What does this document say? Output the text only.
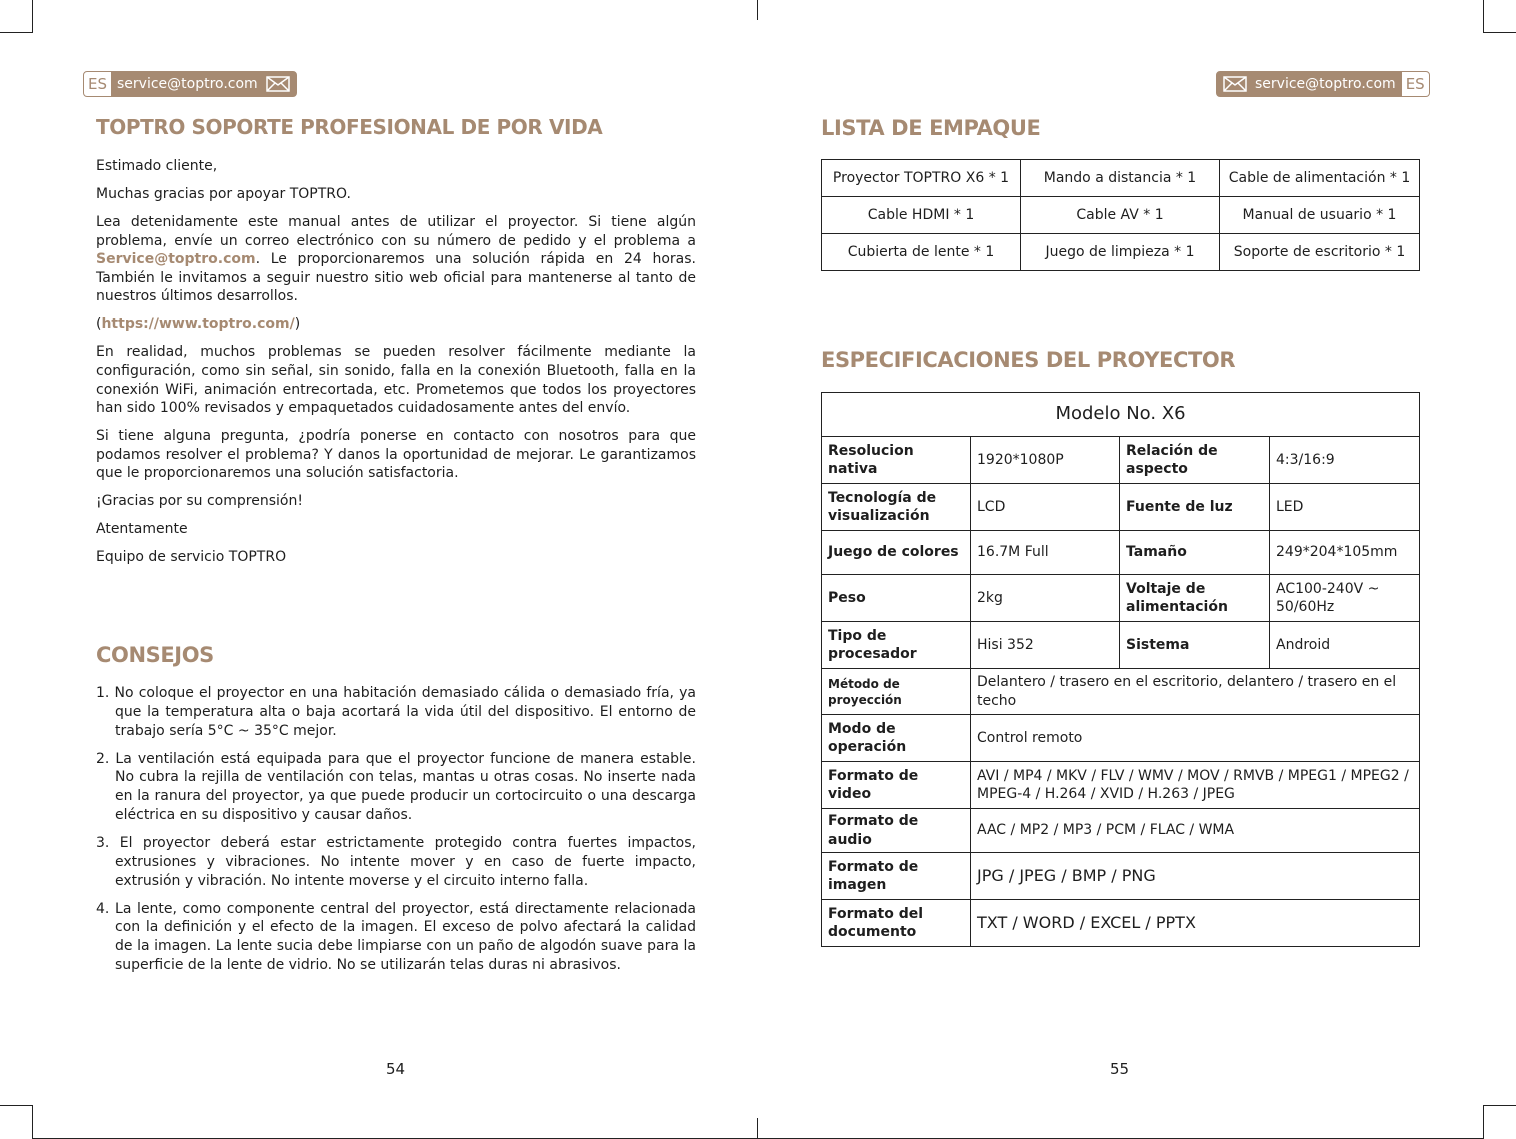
ES service@toptro.com
TOPTRO SOPORTE PROFESIONAL DE POR VIDA

Estimado cliente,

Muchas gracias por apoyar TOPTRO.

Lea detenidamente este manual antes de utilizar el proyector. Si tiene algún problema, envíe un correo electrónico con su número de pedido y el problema a Service@toptro.com. Le proporcionaremos una solución rápida en 24 horas. También le invitamos a seguir nuestro sitio web oficial para mantenerse al tanto de nuestros últimos desarrollos.

(https://www.toptro.com/)

En realidad, muchos problemas se pueden resolver fácilmente mediante la configuración, como sin señal, sin sonido, falla en la conexión Bluetooth, falla en la conexión WiFi, animación entrecortada, etc. Prometemos que todos los proyectores han sido 100% revisados y empaquetados cuidadosamente antes del envío.

Si tiene alguna pregunta, ¿podría ponerse en contacto con nosotros para que podamos resolver el problema? Y danos la oportunidad de mejorar. Le garantizamos que le proporcionaremos una solución satisfactoria.

¡Gracias por su comprensión!

Atentamente

Equipo de servicio TOPTRO

CONSEJOS

1. No coloque el proyector en una habitación demasiado cálida o demasiado fría, ya que la temperatura alta o baja acortará la vida útil del dispositivo. El entorno de trabajo sería 5°C ~ 35°C mejor.

2. La ventilación está equipada para que el proyector funcione de manera estable. No cubra la rejilla de ventilación con telas, mantas u otras cosas. No inserte nada en la ranura del proyector, ya que puede producir un cortocircuito o una descarga eléctrica en su dispositivo y causar daños.

3. El proyector deberá estar estrictamente protegido contra fuertes impactos, extrusiones y vibraciones. No intente mover y en caso de fuerte impacto, extrusión y vibración. No intente moverse y el circuito interno falla.

4. La lente, como componente central del proyector, está directamente relacionada con la definición y el efecto de la imagen. El exceso de polvo afectará la calidad de la imagen. La lente sucia debe limpiarse con un paño de algodón suave para la superficie de la lente de vidrio. No se utilizarán telas duras ni abrasivos.

54
service@toptro.com ES
LISTA DE EMPAQUE
Proyector TOPTRO X6 * 1	Mando a distancia * 1	Cable de alimentación * 1
Cable HDMI * 1	Cable AV * 1	Manual de usuario * 1
Cubierta de lente * 1	Juego de limpieza * 1	Soporte de escritorio * 1
ESPECIFICACIONES DEL PROYECTOR
Modelo No. X6			
Resolucion nativa	1920*1080P	Relación de aspecto	4:3/16:9
Tecnología de visualización	LCD	Fuente de luz	LED
Juego de colores	16.7M Full	Tamaño	249*204*105mm
Peso	2kg	Voltaje de alimentación	AC100-240V ~ 50/60Hz
Tipo de procesador	Hisi 352	Sistema	Android
Método de proyección	Delantero / trasero en el escritorio, delantero / trasero en el techo		
Modo de operación	Control remoto		
Formato de video	AVI / MP4 / MKV / FLV / WMV / MOV / RMVB / MPEG1 / MPEG2 / MPEG-4 / H.264 / XVID / H.263 / JPEG		
Formato de audio	AAC / MP2 / MP3 / PCM / FLAC / WMA		
Formato de imagen	JPG / JPEG / BMP / PNG		
Formato del documento	TXT / WORD / EXCEL / PPTX		
55
